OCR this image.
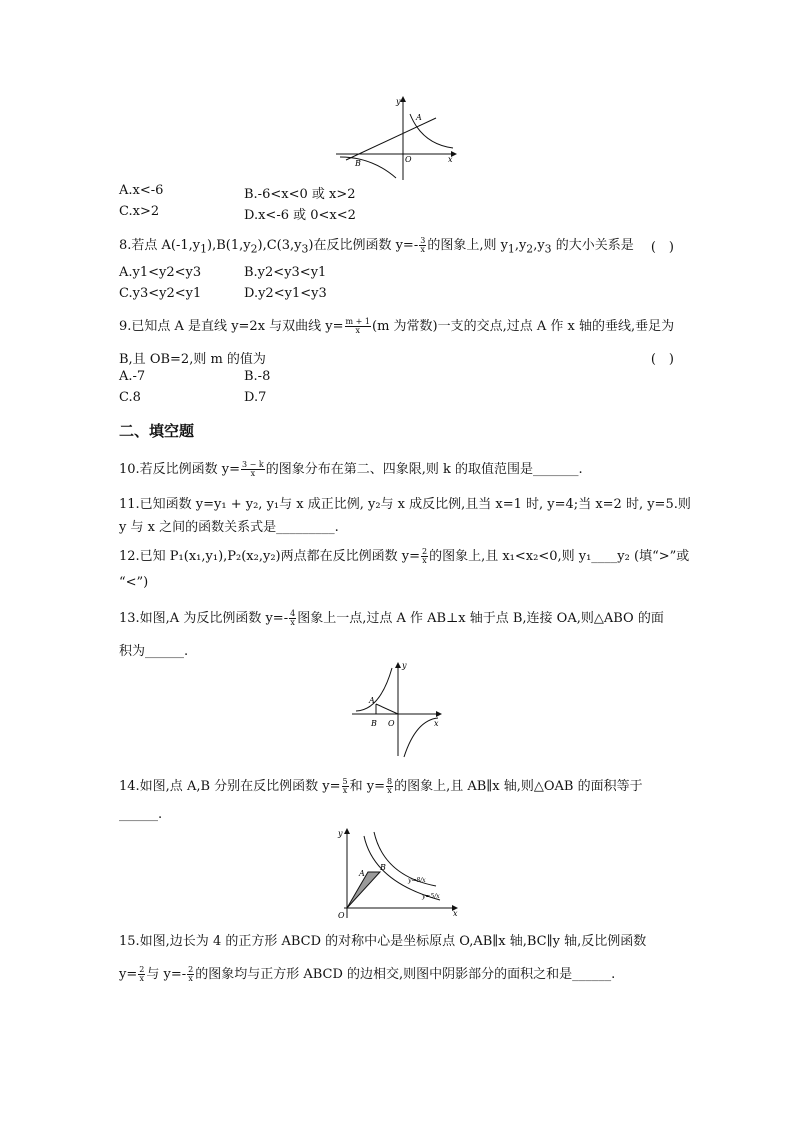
y
x
O
A
B
A.x<-6	B.-6<x<0 或 x>2
C.x>2	D.x<-6 或 0<x<2
8.若点 $A(-1,y_1),B(1,y_2),C(3,y_3)$在反比例函数 $y=- \frac{3}{x}$ 的图象上,则 $y_1,y_2,y_3$ 的大小关系是 (　)
A.y1<y2<y3	B.y2<y3<y1
C.y3<y2<y1	D.y2<y1<y3
9.已知点 A 是直线 y=2x 与双曲线 $y= \frac{m + 1}{x} (m$ 为常数)一支的交点,过点 A 作 x 轴的垂线,垂足为
B,且 OB=2,则 m 的值为	(　)
A.-7	B.-8
C.8	D.7
二、填空题
10.若反比例函数 $y= \frac{3 - k}{x}$ 的图象分布在第二、四象限,则 k 的取值范围是_______.
11.已知函数 y=y₁ + y₂, y₁与 x 成正比例, y₂与 x 成反比例,且当 x=1 时, y=4;当 x=2 时, y=5.则
y 与 x 之间的函数关系式是_________.
12.已知 P₁(x₁,y₁),P₂(x₂,y₂)两点都在反比例函数 $y= \frac{2}{x}$ 的图象上,且 x₁<x₂<0,则 y₁____y₂ (填“>”或
“<”)
13.如图,A 为反比例函数 $y=- \frac{4}{x}$ 图象上一点,过点 A 作 AB⊥x 轴于点 B,连接 OA,则△ABO 的面
积为______.
y
x
O
A
B
14.如图,点 A,B 分别在反比例函数 $y= \frac{5}{x}$ 和 $y= \frac{8}{x}$ 的图象上,且 AB∥x 轴,则△OAB 的面积等于
______.
y
x
O
A
B
y=8/x
y=5/x
15.如图,边长为 4 的正方形 ABCD 的对称中心是坐标原点 O,AB∥x 轴,BC∥y 轴,反比例函数
$y= \frac{2}{x}$ 与 $y=- \frac{2}{x}$ 的图象均与正方形 ABCD 的边相交,则图中阴影部分的面积之和是______.
